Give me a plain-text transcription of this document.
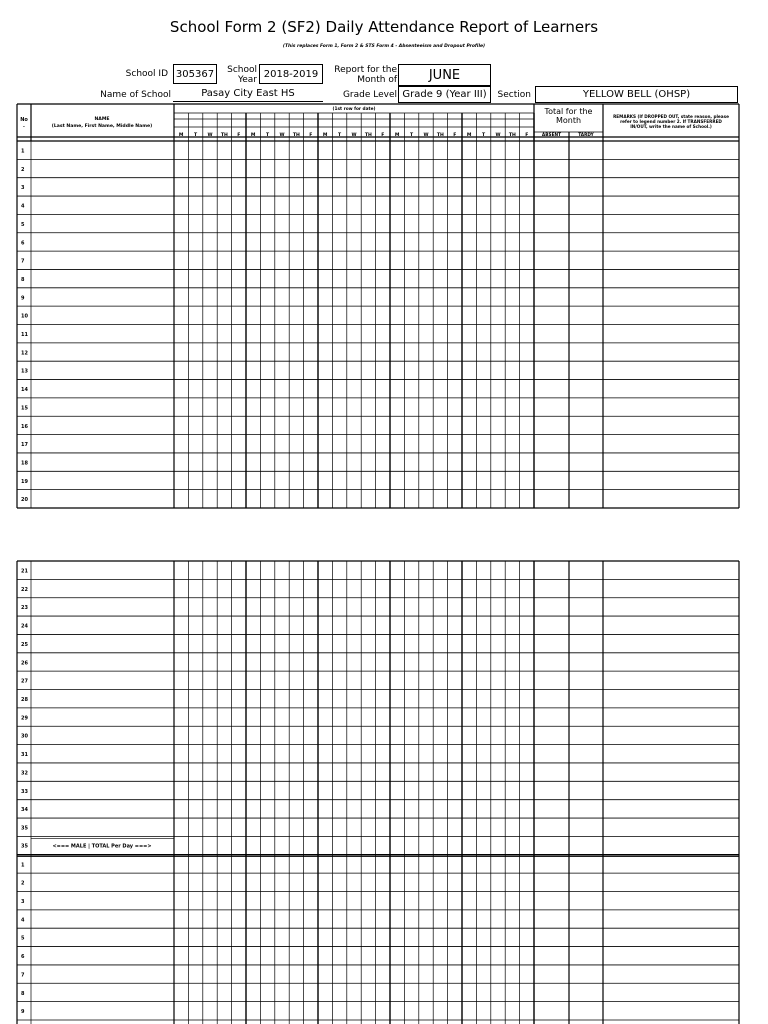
School Form 2 (SF2) Daily Attendance Report of Learners
(This replaces Form 1, Form 2 & STS Form 4 - Absenteeism and Dropout Profile)
School ID 305367	School Year
2018-2019	Report for the Month of	JUNE
Name of School	Pasay City East HS	Grade Level Grade 9 (Year III)	Section	YELLOW BELL (OHSP)
No
.
NAME
(Last Name, First Name, Middle Name)
(1st row for date)
M T W TH F M T W TH F M T W TH F M T W TH F M T W TH F
Total for the
Month
ABSENT	TARDY
REMARKS (If DROPPED OUT, state reason, please
refer to legend number 2. If TRANSFERRED
IN/OUT, write the name of School.)
1
2
3
4
5
6
7
8
9
10
11
12
13
14
15
16
17
18
19
20
21
22
23
24
25
26
27
28
29
30
31
32
33
34
35
35	<=== MALE | TOTAL Per Day ===>
1
2
3
4
5
6
7
8
9
